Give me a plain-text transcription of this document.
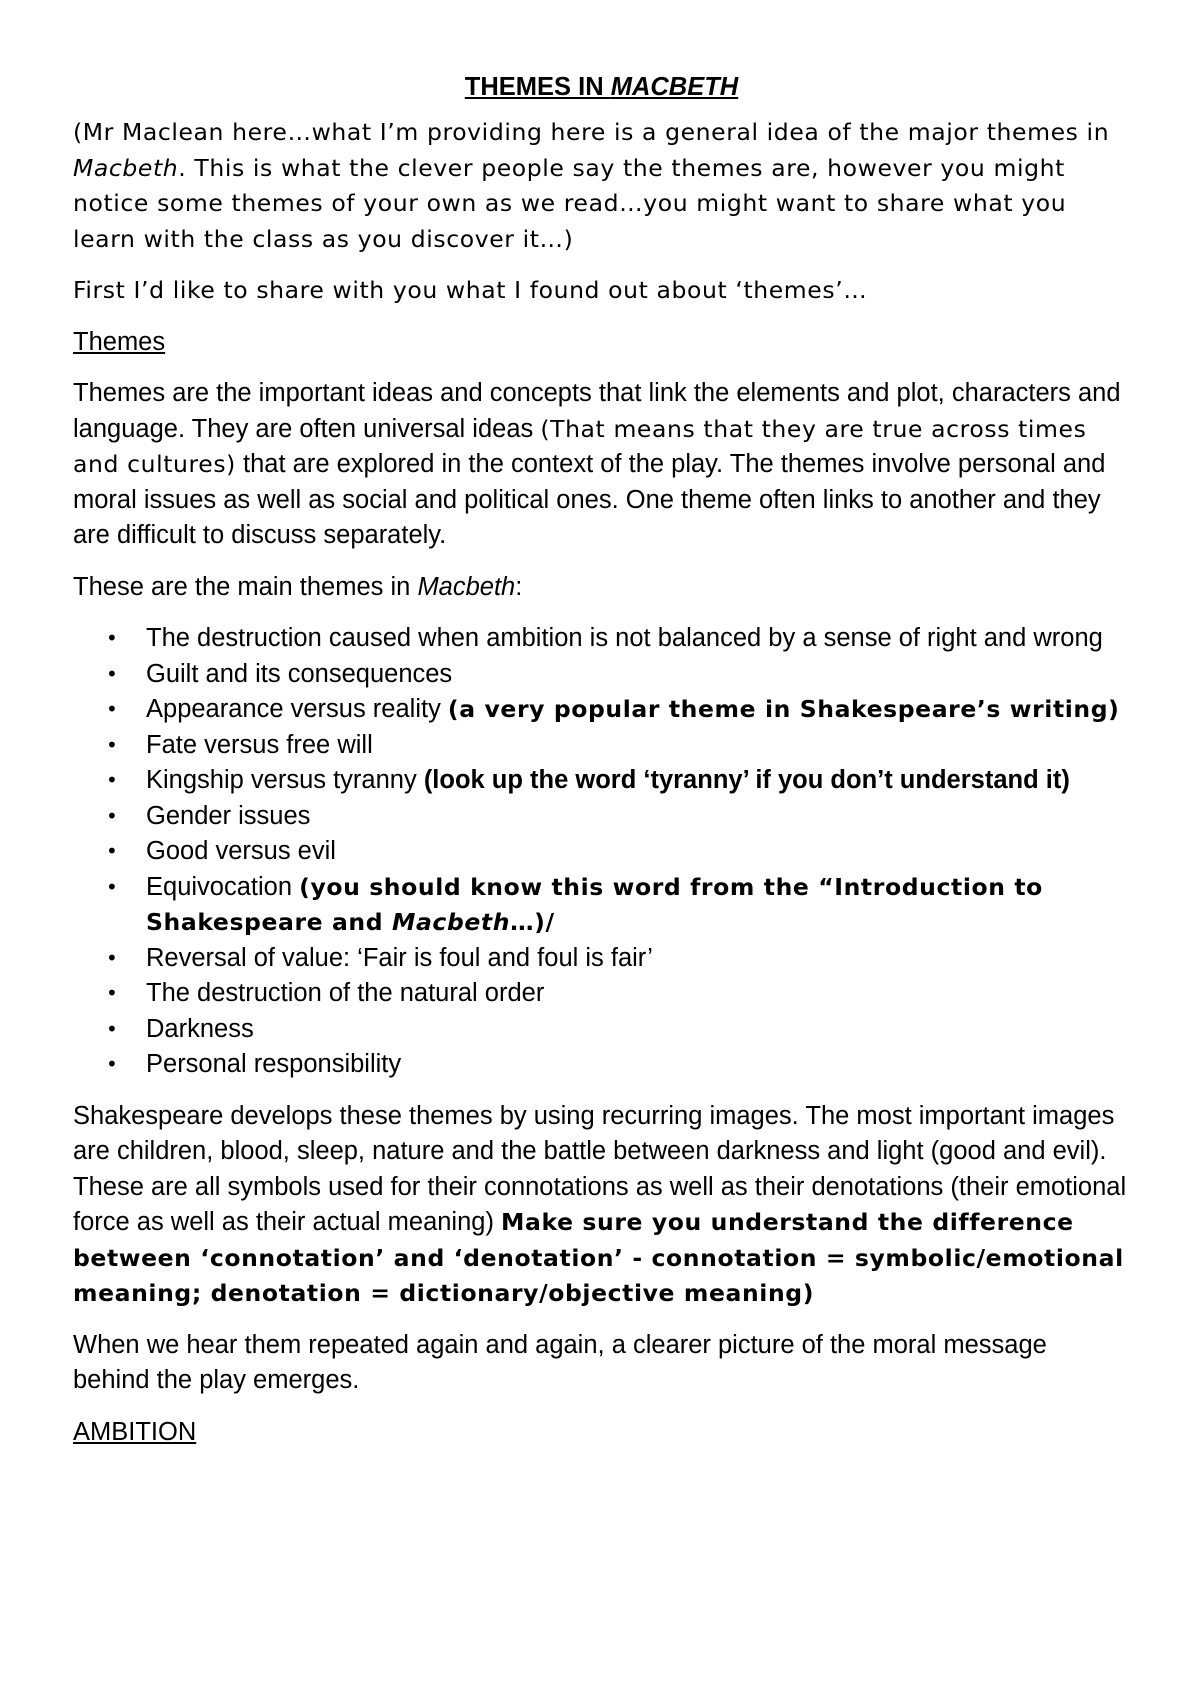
THEMES IN MACBETH

(Mr Maclean here…what I’m providing here is a general idea of the major themes in Macbeth. This is what the clever people say the themes are, however you might notice some themes of your own as we read…you might want to share what you learn with the class as you discover it…)

First I’d like to share with you what I found out about ‘themes’…

Themes

Themes are the important ideas and concepts that link the elements and plot, characters and language. They are often universal ideas (That means that they are true across times and cultures) that are explored in the context of the play. The themes involve personal and moral issues as well as social and political ones. One theme often links to another and they are difficult to discuss separately.

These are the main themes in Macbeth:

• The destruction caused when ambition is not balanced by a sense of right and wrong
• Guilt and its consequences
• Appearance versus reality (a very popular theme in Shakespeare’s writing)
• Fate versus free will
• Kingship versus tyranny (look up the word ‘tyranny’ if you don’t understand it)
• Gender issues
• Good versus evil
• Equivocation (you should know this word from the “Introduction to Shakespeare and Macbeth…)/
• Reversal of value: ‘Fair is foul and foul is fair’
• The destruction of the natural order
• Darkness
• Personal responsibility

Shakespeare develops these themes by using recurring images. The most important images are children, blood, sleep, nature and the battle between darkness and light (good and evil). These are all symbols used for their connotations as well as their denotations (their emotional force as well as their actual meaning) Make sure you understand the difference between ‘connotation’ and ‘denotation’ - connotation = symbolic/emotional meaning; denotation = dictionary/objective meaning)

When we hear them repeated again and again, a clearer picture of the moral message behind the play emerges.

AMBITION
